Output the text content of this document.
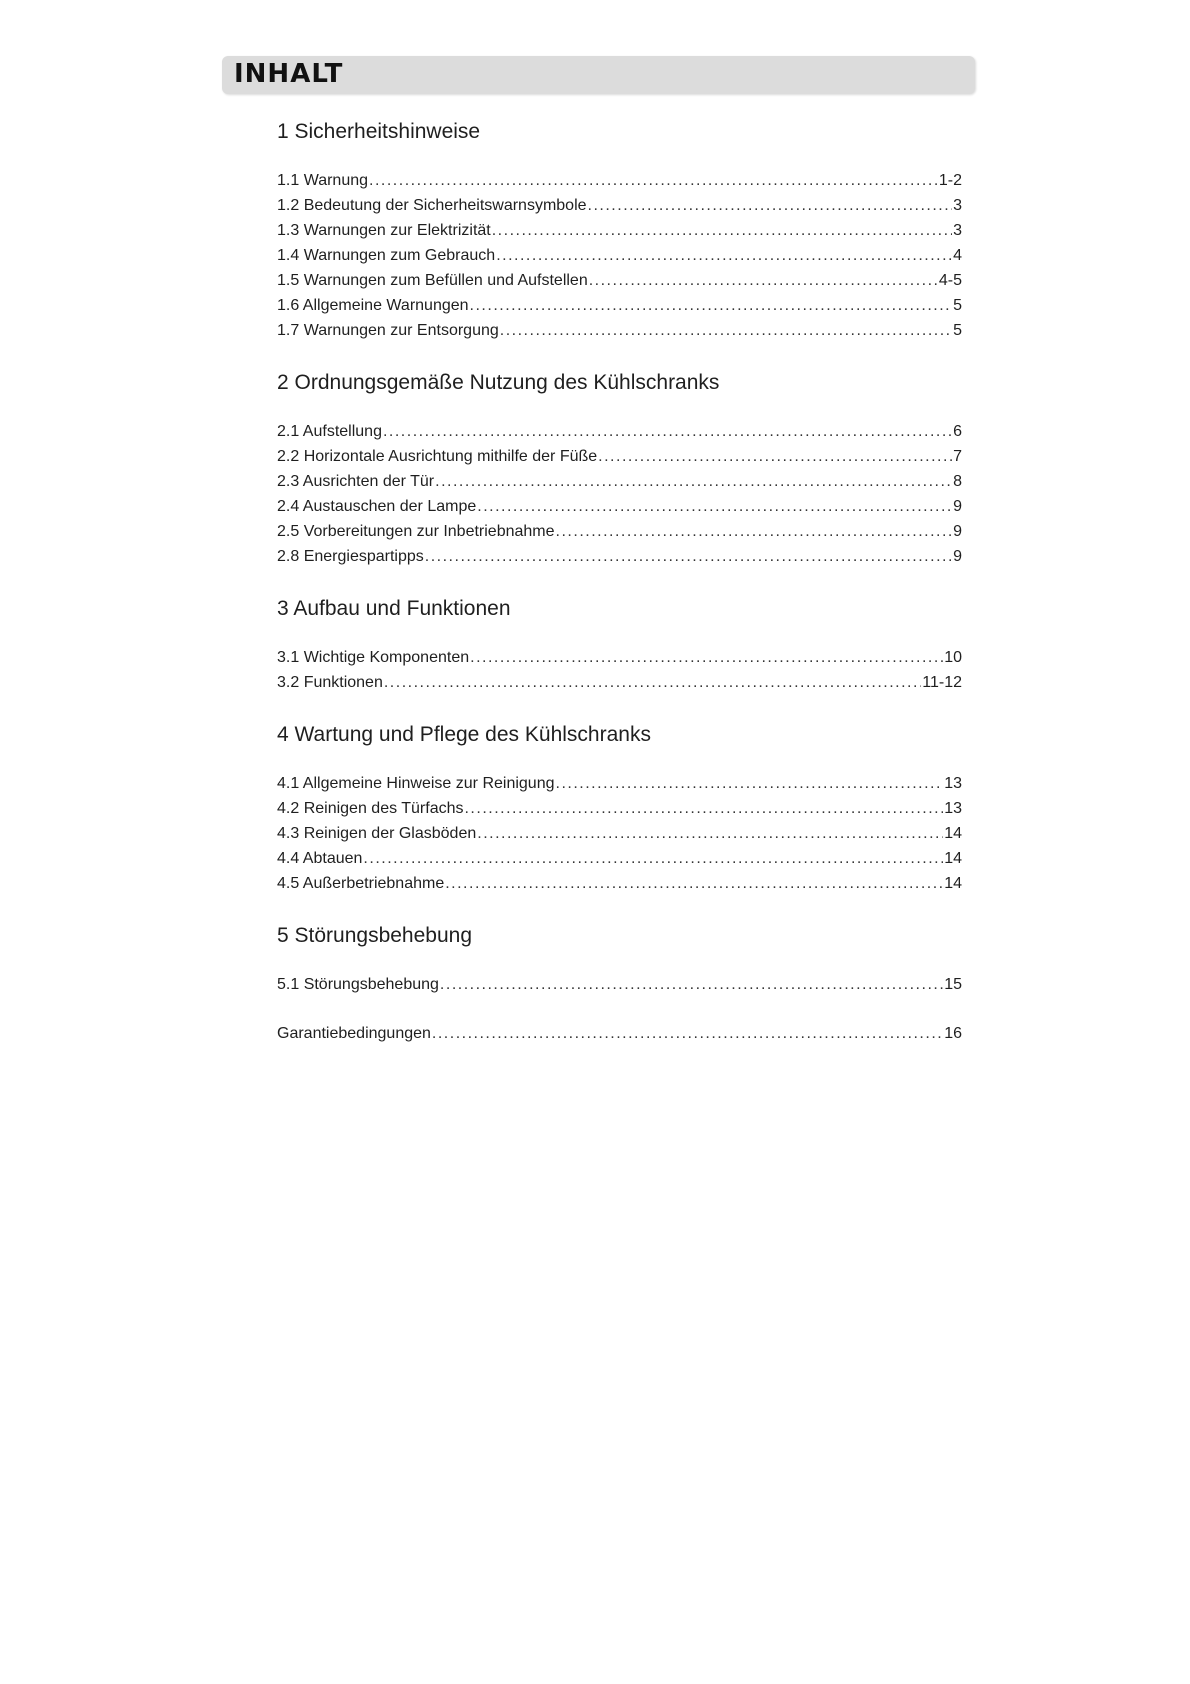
INHALT
1 Sicherheitshinweise
1.1 Warnung .....	1-2
1.2 Bedeutung der Sicherheitswarnsymbole .....	3
1.3 Warnungen zur Elektrizität .....	3
1.4 Warnungen zum Gebrauch .....	4
1.5 Warnungen zum Befüllen und Aufstellen .....	4-5
1.6 Allgemeine Warnungen .....	5
1.7 Warnungen zur Entsorgung .....	5
2 Ordnungsgemäße Nutzung des Kühlschranks
2.1 Aufstellung .....	6
2.2 Horizontale Ausrichtung mithilfe der Füße .....	7
2.3 Ausrichten der Tür .....	8
2.4 Austauschen der Lampe .....	9
2.5 Vorbereitungen zur Inbetriebnahme .....	9
2.8 Energiespartipps .....	9
3 Aufbau und Funktionen
3.1 Wichtige Komponenten .....	10
3.2 Funktionen .....	11-12
4 Wartung und Pflege des Kühlschranks
4.1 Allgemeine Hinweise zur Reinigung .....	13
4.2 Reinigen des Türfachs .....	13
4.3 Reinigen der Glasböden .....	14
4.4 Abtauen .....	14
4.5 Außerbetriebnahme .....	14
5 Störungsbehebung
5.1 Störungsbehebung .....	15
Garantiebedingungen .....	16
